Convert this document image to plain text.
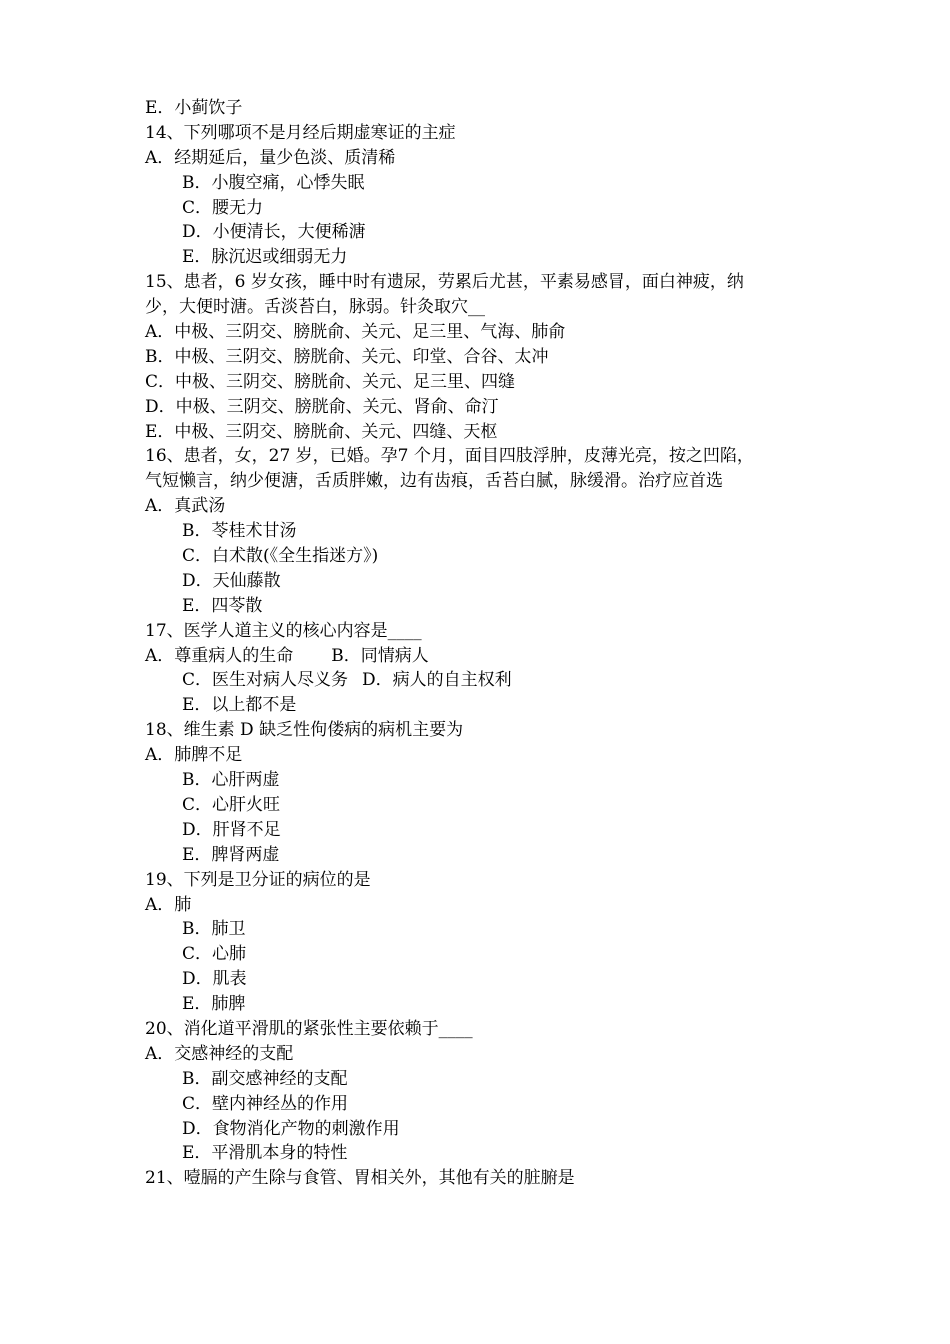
E．小蓟饮子
14、下列哪项不是月经后期虚寒证的主症
A．经期延后，量少色淡、质清稀
B．小腹空痛，心悸失眠
C．腰无力
D．小便清长，大便稀溏
E．脉沉迟或细弱无力
15、患者，6 岁女孩，睡中时有遗尿，劳累后尤甚，平素易感冒，面白神疲，纳
少，大便时溏。舌淡苔白，脉弱。针灸取穴__
A．中极、三阴交、膀胱俞、关元、足三里、气海、肺俞
B．中极、三阴交、膀胱俞、关元、印堂、合谷、太冲
C．中极、三阴交、膀胱俞、关元、足三里、四缝
D．中极、三阴交、膀胱俞、关元、肾俞、命汀
E．中极、三阴交、膀胱俞、关元、四缝、天枢
16、患者，女，27 岁，已婚。孕7 个月，面目四肢浮肿，皮薄光亮，按之凹陷，
气短懒言，纳少便溏，舌质胖嫩，边有齿痕，舌苔白腻，脉缓滑。治疗应首选
A．真武汤
B．苓桂术甘汤
C．白术散(《全生指迷方》)
D．天仙藤散
E．四苓散
17、医学人道主义的核心内容是____
A．尊重病人的生命 B．同情病人
C．医生对病人尽义务 D．病人的自主权利
E．以上都不是
18、维生素 D 缺乏性佝偻病的病机主要为
A．肺脾不足
B．心肝两虚
C．心肝火旺
D．肝肾不足
E．脾肾两虚
19、下列是卫分证的病位的是
A．肺
B．肺卫
C．心肺
D．肌表
E．肺脾
20、消化道平滑肌的紧张性主要依赖于____
A．交感神经的支配
B．副交感神经的支配
C．壁内神经丛的作用
D．食物消化产物的刺激作用
E．平滑肌本身的特性
21、噎膈的产生除与食管、胃相关外，其他有关的脏腑是
